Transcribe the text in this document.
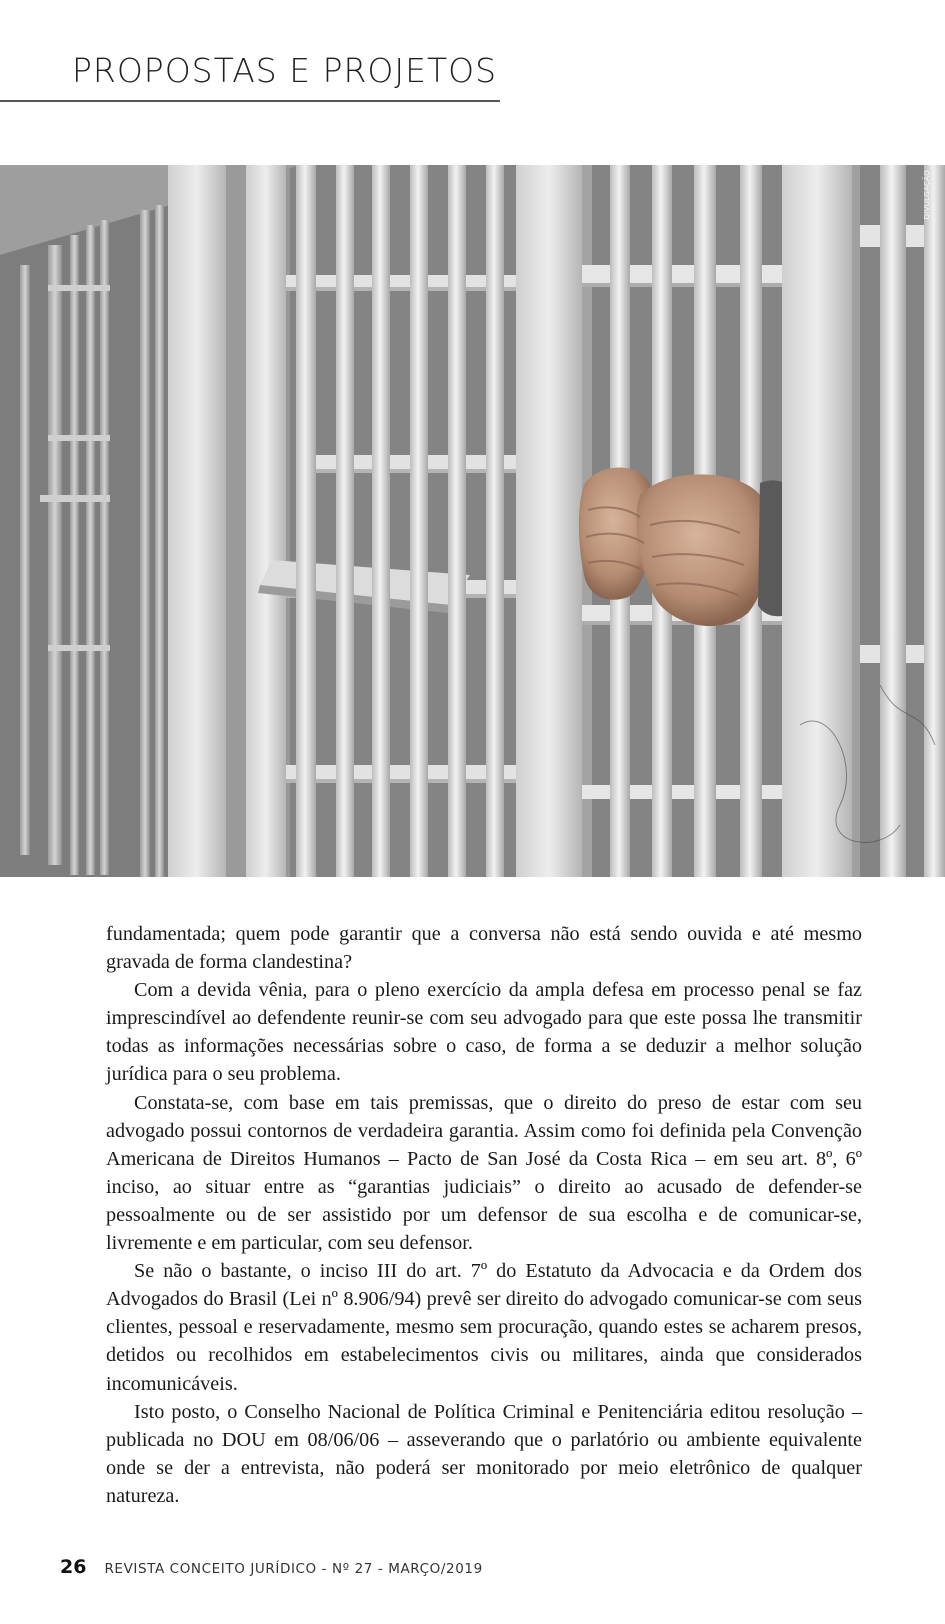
PROPOSTAS E PROJETOS
DIVULGAÇÃO

fundamentada; quem pode garantir que a conversa não está sendo ouvida e até mesmo gravada de forma clandestina?

Com a devida vênia, para o pleno exercício da ampla defesa em processo penal se faz imprescindível ao defendente reunir-se com seu advogado para que este possa lhe transmitir todas as informações necessárias sobre o caso, de forma a se deduzir a melhor solução jurídica para o seu problema.

Constata-se, com base em tais premissas, que o direito do preso de estar com seu advogado possui contornos de verdadeira garantia. Assim como foi definida pela Convenção Americana de Direitos Humanos – Pacto de San José da Costa Rica – em seu art. 8º, 6º inciso, ao situar entre as “garantias judiciais” o direito ao acusado de defender-se pessoalmente ou de ser assistido por um defensor de sua escolha e de comunicar-se, livremente e em particular, com seu defensor.

Se não o bastante, o inciso III do art. 7º do Estatuto da Advocacia e da Ordem dos Advogados do Brasil (Lei nº 8.906/94) prevê ser direito do advogado comunicar-se com seus clientes, pessoal e reservadamente, mesmo sem procuração, quando estes se acharem presos, detidos ou recolhidos em estabelecimentos civis ou militares, ainda que considerados incomunicáveis.

Isto posto, o Conselho Nacional de Política Criminal e Penitenciária editou resolução – publicada no DOU em 08/06/06 – asseverando que o parlatório ou ambiente equivalente onde se der a entrevista, não poderá ser monitorado por meio eletrônico de qualquer natureza.

26 REVISTA CONCEITO JURÍDICO - Nº 27 - MARÇO/2019
